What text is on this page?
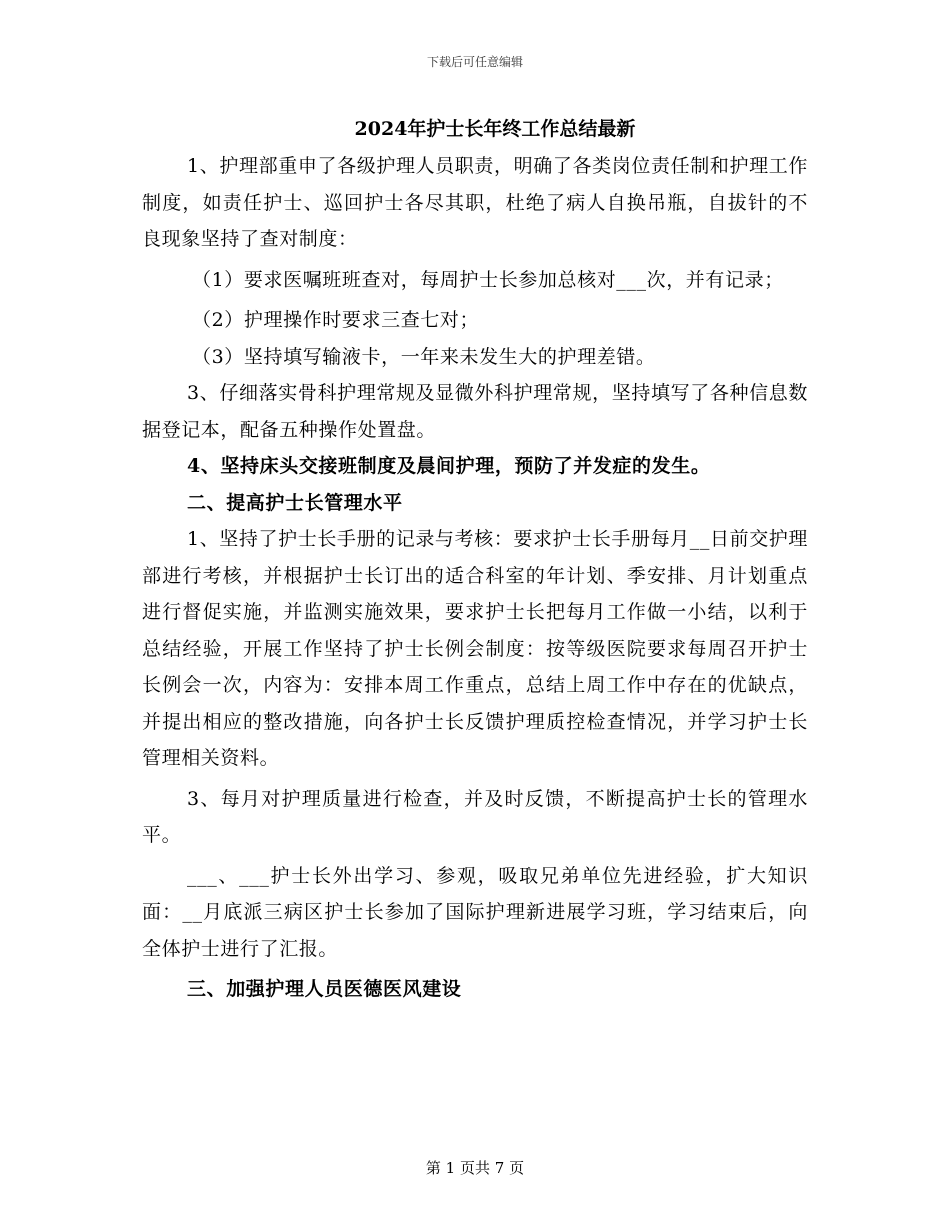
下载后可任意编辑
2024年护士长年终工作总结最新

1、护理部重申了各级护理人员职责，明确了各类岗位责任制和护理工作制度，如责任护士、巡回护士各尽其职，杜绝了病人自换吊瓶，自拔针的不良现象坚持了查对制度：

（1）要求医嘱班班查对，每周护士长参加总核对___次，并有记录；

（2）护理操作时要求三查七对；

（3）坚持填写输液卡，一年来未发生大的护理差错。

3、仔细落实骨科护理常规及显微外科护理常规，坚持填写了各种信息数据登记本，配备五种操作处置盘。

4、坚持床头交接班制度及晨间护理，预防了并发症的发生。

二、提高护士长管理水平

1、坚持了护士长手册的记录与考核：要求护士长手册每月__日前交护理部进行考核，并根据护士长订出的适合科室的年计划、季安排、月计划重点进行督促实施，并监测实施效果，要求护士长把每月工作做一小结，以利于总结经验，开展工作坚持了护士长例会制度：按等级医院要求每周召开护士长例会一次，内容为：安排本周工作重点，总结上周工作中存在的优缺点，并提出相应的整改措施，向各护士长反馈护理质控检查情况，并学习护士长管理相关资料。

3、每月对护理质量进行检查，并及时反馈，不断提高护士长的管理水平。

___、___护士长外出学习、参观，吸取兄弟单位先进经验，扩大知识面：__月底派三病区护士长参加了国际护理新进展学习班，学习结束后，向全体护士进行了汇报。

三、加强护理人员医德医风建设

第 1 页共 7 页
